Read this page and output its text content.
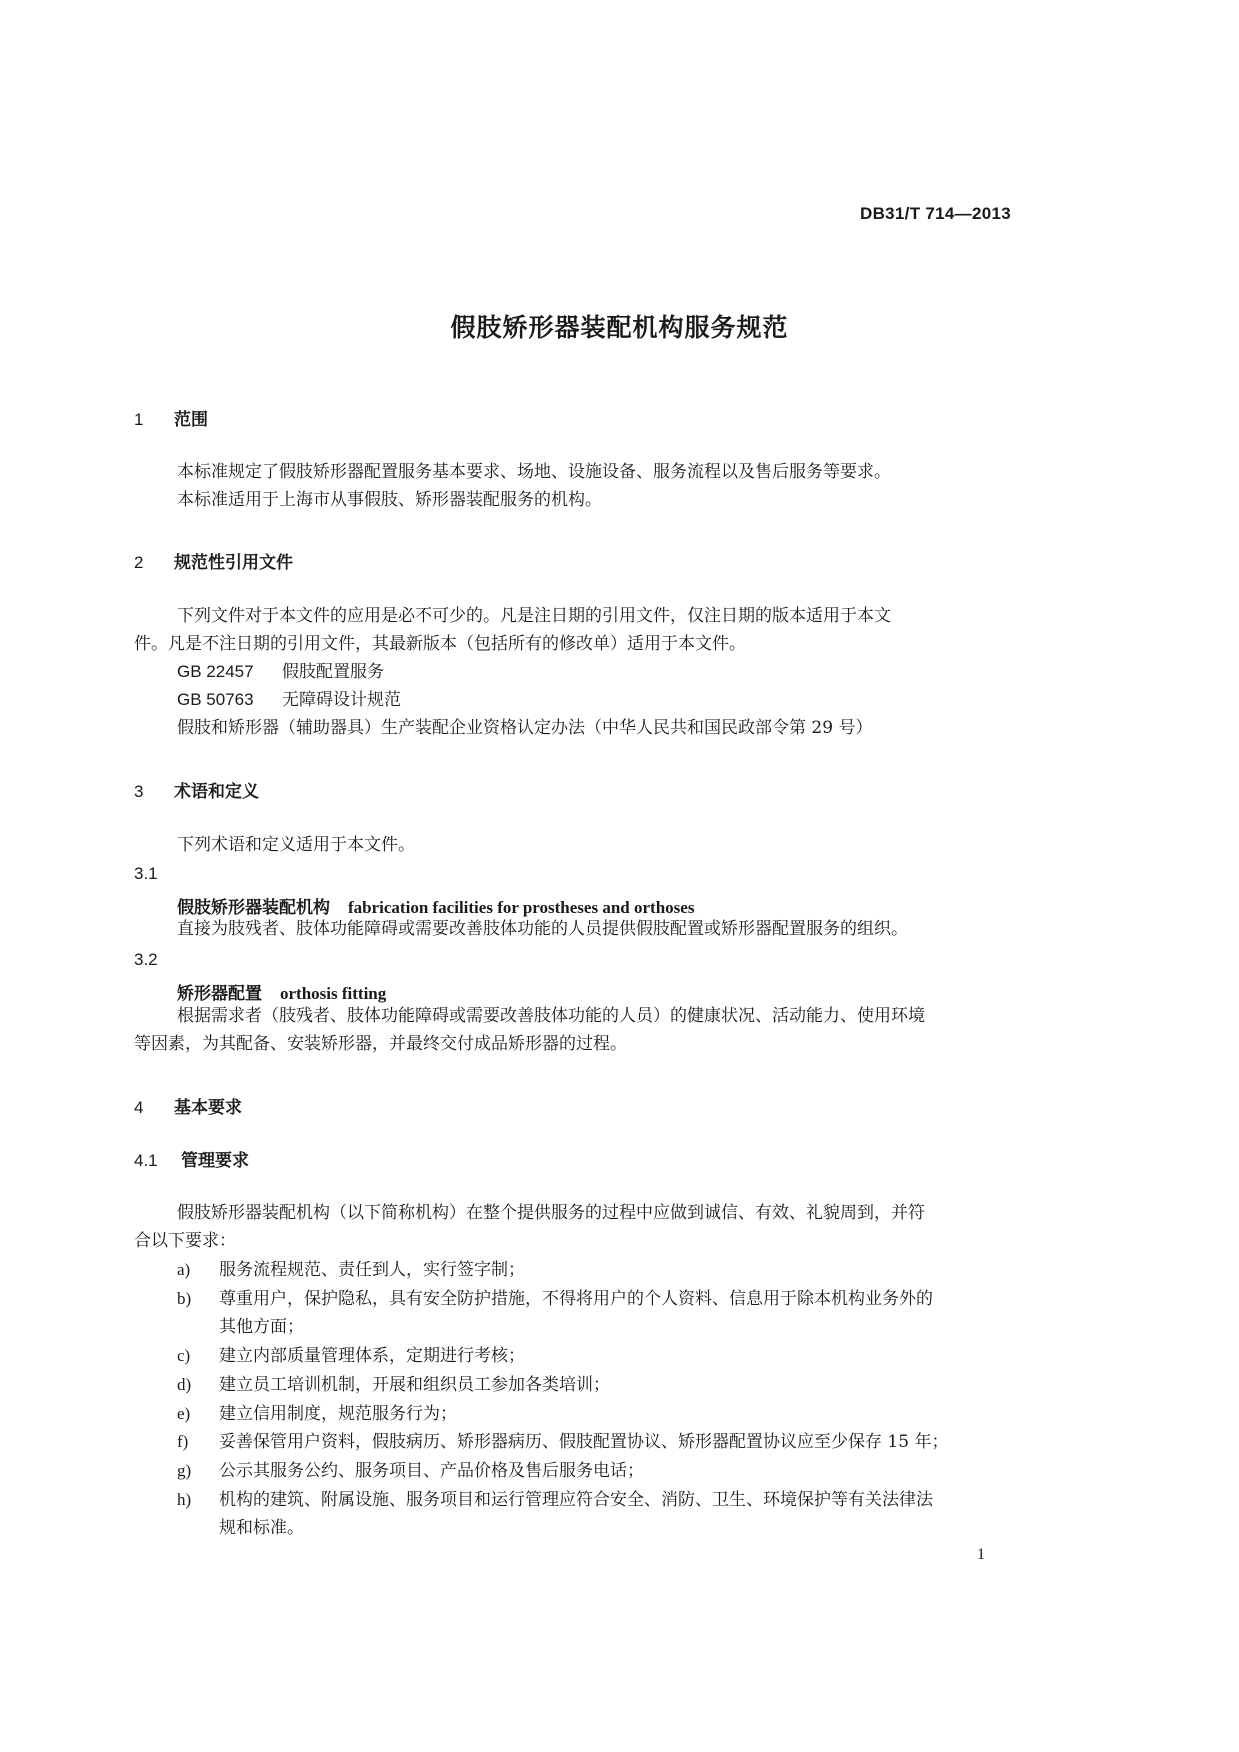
DB31/T 714—2013
假肢矫形器装配机构服务规范
1 范围
本标准规定了假肢矫形器配置服务基本要求、场地、设施设备、服务流程以及售后服务等要求。
本标准适用于上海市从事假肢、矫形器装配服务的机构。
2 规范性引用文件
下列文件对于本文件的应用是必不可少的。凡是注日期的引用文件，仅注日期的版本适用于本文
件。凡是不注日期的引用文件，其最新版本（包括所有的修改单）适用于本文件。
GB 22457 假肢配置服务
GB 50763 无障碍设计规范
假肢和矫形器（辅助器具）生产装配企业资格认定办法（中华人民共和国民政部令第 29 号）
3 术语和定义
下列术语和定义适用于本文件。
3.1
假肢矫形器装配机构 fabrication facilities for prostheses and orthoses
直接为肢残者、肢体功能障碍或需要改善肢体功能的人员提供假肢配置或矫形器配置服务的组织。
3.2
矫形器配置 orthosis fitting
根据需求者（肢残者、肢体功能障碍或需要改善肢体功能的人员）的健康状况、活动能力、使用环境
等因素，为其配备、安装矫形器，并最终交付成品矫形器的过程。
4 基本要求
4.1 管理要求
假肢矫形器装配机构（以下简称机构）在整个提供服务的过程中应做到诚信、有效、礼貌周到，并符
合以下要求：
a) 服务流程规范、责任到人，实行签字制；
b) 尊重用户，保护隐私，具有安全防护措施，不得将用户的个人资料、信息用于除本机构业务外的
其他方面；
c) 建立内部质量管理体系，定期进行考核；
d) 建立员工培训机制，开展和组织员工参加各类培训；
e) 建立信用制度，规范服务行为；
f) 妥善保管用户资料，假肢病历、矫形器病历、假肢配置协议、矫形器配置协议应至少保存 15 年；
g) 公示其服务公约、服务项目、产品价格及售后服务电话；
h) 机构的建筑、附属设施、服务项目和运行管理应符合安全、消防、卫生、环境保护等有关法律法
规和标准。
1
